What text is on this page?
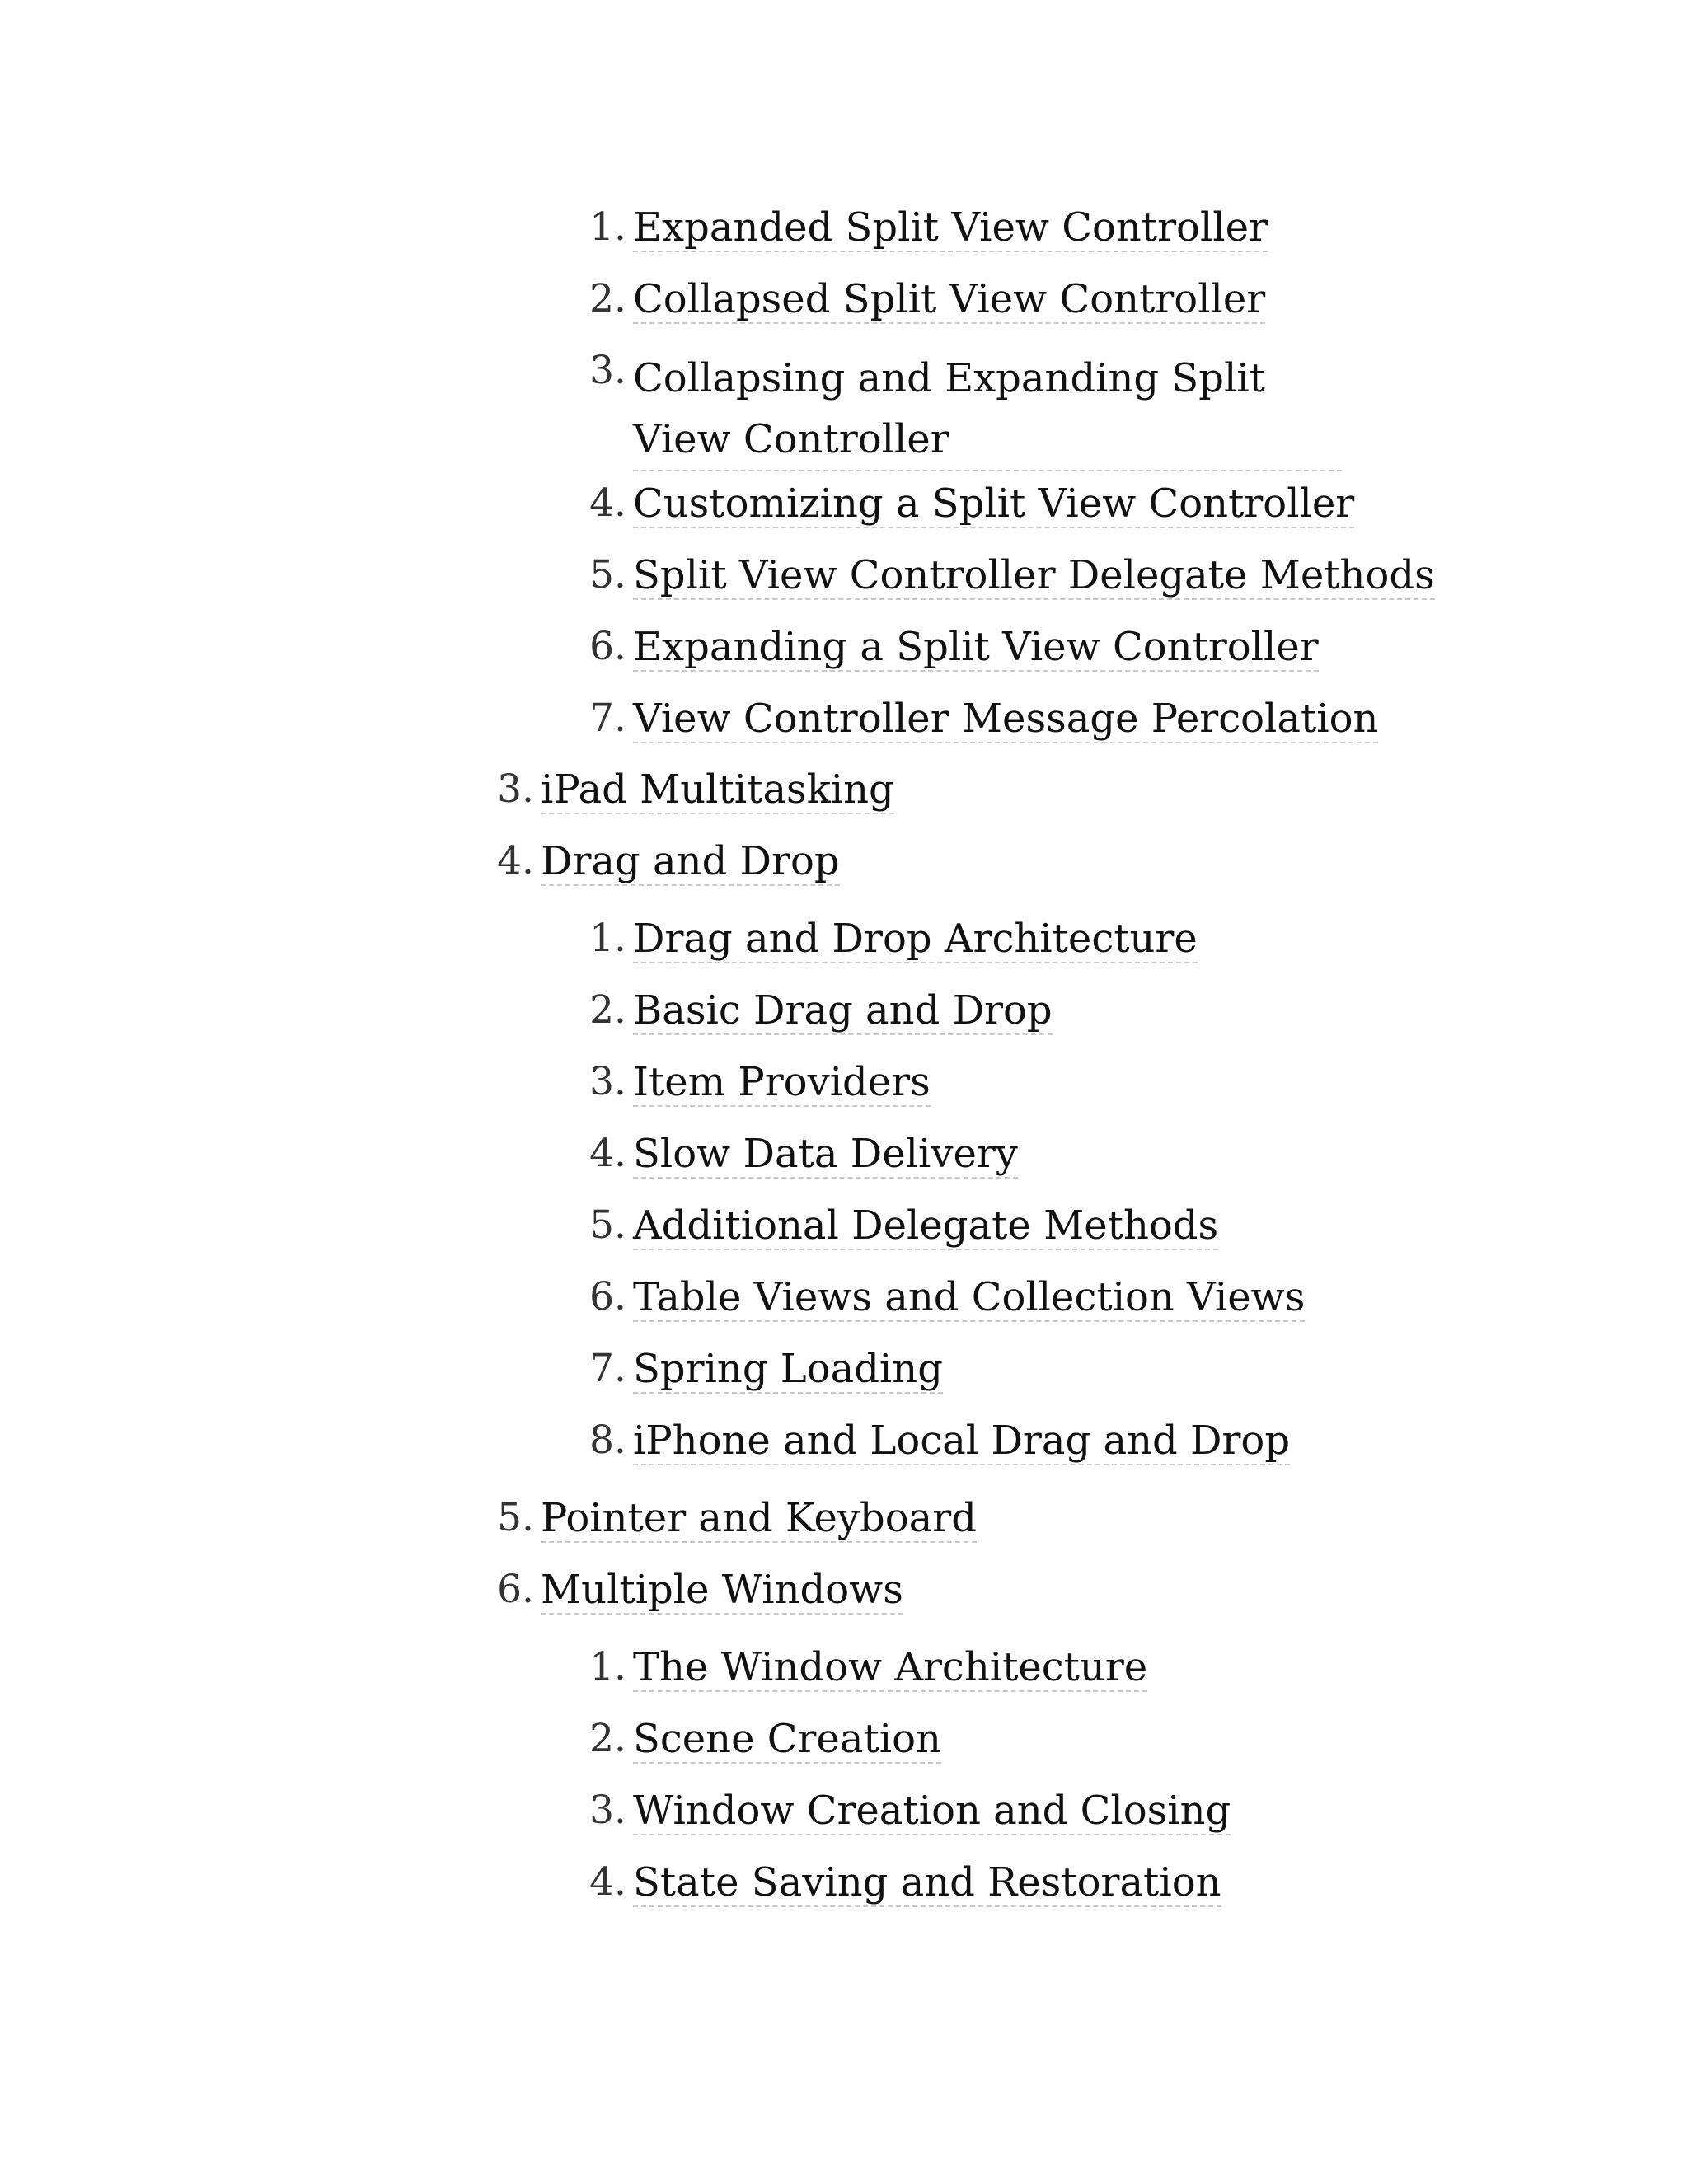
1. Expanded Split View Controller
2. Collapsed Split View Controller
3. Collapsing and Expanding Split View Controller
4. Customizing a Split View Controller
5. Split View Controller Delegate Methods
6. Expanding a Split View Controller
7. View Controller Message Percolation
3. iPad Multitasking
4. Drag and Drop
1. Drag and Drop Architecture
2. Basic Drag and Drop
3. Item Providers
4. Slow Data Delivery
5. Additional Delegate Methods
6. Table Views and Collection Views
7. Spring Loading
8. iPhone and Local Drag and Drop
5. Pointer and Keyboard
6. Multiple Windows
1. The Window Architecture
2. Scene Creation
3. Window Creation and Closing
4. State Saving and Restoration
